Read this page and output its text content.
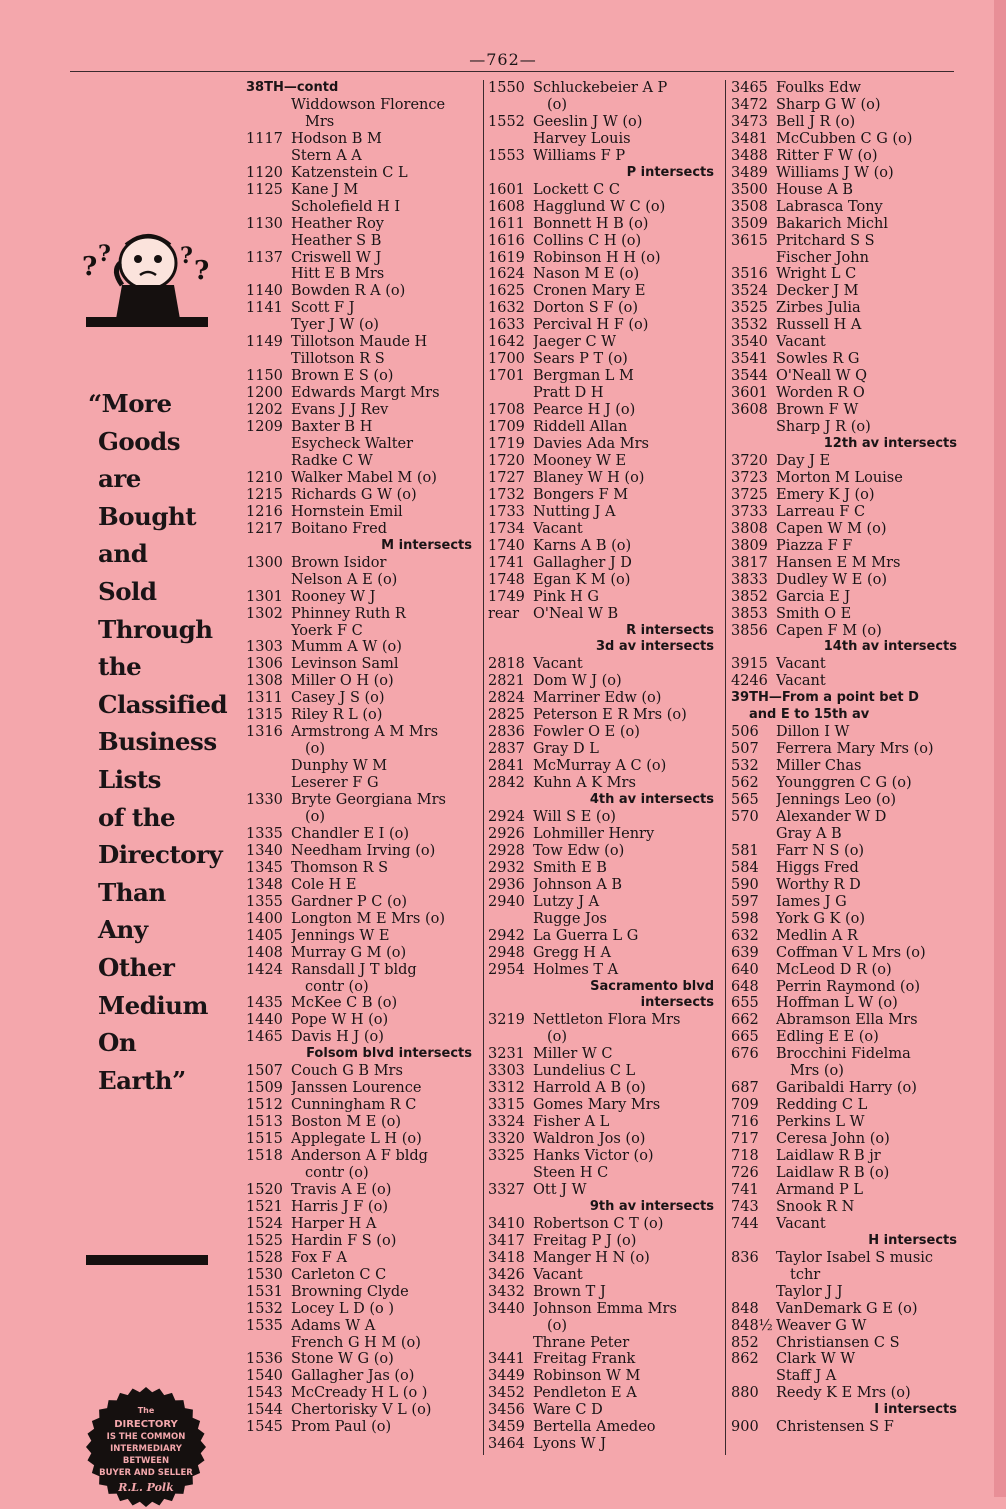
—762—
? ?	? ?
“More
Goods
are
Bought
and
Sold
Through
the
Classified
Business
Lists
of the
Directory
Than
Any
Other
Medium
On
Earth”
The
DIRECTORY
IS THE COMMON
INTERMEDIARY
BETWEEN
BUYER AND SELLER
R.L. Polk
38TH—contd
Widdowson Florence
Mrs
1117 Hodson B M
Stern A A
1120 Katzenstein C L
1125 Kane J M
Scholefield H I
1130 Heather Roy
Heather S B
1137 Criswell W J
Hitt E B Mrs
1140 Bowden R A (o)
1141 Scott F J
Tyer J W (o)
1149 Tillotson Maude H
Tillotson R S
1150 Brown E S (o)
1200 Edwards Margt Mrs
1202 Evans J J Rev
1209 Baxter B H
Esycheck Walter
Radke C W
1210 Walker Mabel M (o)
1215 Richards G W (o)
1216 Hornstein Emil
1217 Boitano Fred
M intersects
1300 Brown Isidor
Nelson A E (o)
1301 Rooney W J
1302 Phinney Ruth R
Yoerk F C
1303 Mumm A W (o)
1306 Levinson Saml
1308 Miller O H (o)
1311 Casey J S (o)
1315 Riley R L (o)
1316 Armstrong A M Mrs
(o)
Dunphy W M
Leserer F G
1330 Bryte Georgiana Mrs
(o)
1335 Chandler E I (o)
1340 Needham Irving (o)
1345 Thomson R S
1348 Cole H E
1355 Gardner P C (o)
1400 Longton M E Mrs (o)
1405 Jennings W E
1408 Murray G M (o)
1424 Ransdall J T bldg
contr (o)
1435 McKee C B (o)
1440 Pope W H (o)
1465 Davis H J (o)
Folsom blvd intersects
1507 Couch G B Mrs
1509 Janssen Lourence
1512 Cunningham R C
1513 Boston M E (o)
1515 Applegate L H (o)
1518 Anderson A F bldg
contr (o)
1520 Travis A E (o)
1521 Harris J F (o)
1524 Harper H A
1525 Hardin F S (o)
1528 Fox F A
1530 Carleton C C
1531 Browning Clyde
1532 Locey L D (o )
1535 Adams W A
French G H M (o)
1536 Stone W G (o)
1540 Gallagher Jas (o)
1543 McCready H L (o )
1544 Chertorisky V L (o)
1545 Prom Paul (o)
1550 Schluckebeier A P
(o)
1552 Geeslin J W (o)
Harvey Louis
1553 Williams F P
P intersects
1601 Lockett C C
1608 Hagglund W C (o)
1611 Bonnett H B (o)
1616 Collins C H (o)
1619 Robinson H H (o)
1624 Nason M E (o)
1625 Cronen Mary E
1632 Dorton S F (o)
1633 Percival H F (o)
1642 Jaeger C W
1700 Sears P T (o)
1701 Bergman L M
Pratt D H
1708 Pearce H J (o)
1709 Riddell Allan
1719 Davies Ada Mrs
1720 Mooney W E
1727 Blaney W H (o)
1732 Bongers F M
1733 Nutting J A
1734 Vacant
1740 Karns A B (o)
1741 Gallagher J D
1748 Egan K M (o)
1749 Pink H G
rear O'Neal W B
R intersects
3d av intersects
2818 Vacant
2821 Dom W J (o)
2824 Marriner Edw (o)
2825 Peterson E R Mrs (o)
2836 Fowler O E (o)
2837 Gray D L
2841 McMurray A C (o)
2842 Kuhn A K Mrs
4th av intersects
2924 Will S E (o)
2926 Lohmiller Henry
2928 Tow Edw (o)
2932 Smith E B
2936 Johnson A B
2940 Lutzy J A
Rugge Jos
2942 La Guerra L G
2948 Gregg H A
2954 Holmes T A
Sacramento blvd
intersects
3219 Nettleton Flora Mrs
(o)
3231 Miller W C
3303 Lundelius C L
3312 Harrold A B (o)
3315 Gomes Mary Mrs
3324 Fisher A L
3320 Waldron Jos (o)
3325 Hanks Victor (o)
Steen H C
3327 Ott J W
9th av intersects
3410 Robertson C T (o)
3417 Freitag P J (o)
3418 Manger H N (o)
3426 Vacant
3432 Brown T J
3440 Johnson Emma Mrs
(o)
Thrane Peter
3441 Freitag Frank
3449 Robinson W M
3452 Pendleton E A
3456 Ware C D
3459 Bertella Amedeo
3464 Lyons W J
3465 Foulks Edw
3472 Sharp G W (o)
3473 Bell J R (o)
3481 McCubben C G (o)
3488 Ritter F W (o)
3489 Williams J W (o)
3500 House A B
3508 Labrasca Tony
3509 Bakarich Michl
3615 Pritchard S S
Fischer John
3516 Wright L C
3524 Decker J M
3525 Zirbes Julia
3532 Russell H A
3540 Vacant
3541 Sowles R G
3544 O'Neall W Q
3601 Worden R O
3608 Brown F W
Sharp J R (o)
12th av intersects
3720 Day J E
3723 Morton M Louise
3725 Emery K J (o)
3733 Larreau F C
3808 Capen W M (o)
3809 Piazza F F
3817 Hansen E M Mrs
3833 Dudley W E (o)
3852 Garcia E J
3853 Smith O E
3856 Capen F M (o)
14th av intersects
3915 Vacant
4246 Vacant
39TH—From a point bet D
and E to 15th av
506	Dillon I W
507	Ferrera Mary Mrs (o)
532	Miller Chas
562	Younggren C G (o)
565	Jennings Leo (o)
570	Alexander W D
Gray A B
581	Farr N S (o)
584	Higgs Fred
590	Worthy R D
597	Iames J G
598	York G K (o)
632	Medlin A R
639	Coffman V L Mrs (o)
640	McLeod D R (o)
648	Perrin Raymond (o)
655	Hoffman L W (o)
662	Abramson Ella Mrs
665	Edling E E (o)
676	Brocchini Fidelma
Mrs (o)
687	Garibaldi Harry (o)
709	Redding C L
716	Perkins L W
717	Ceresa John (o)
718	Laidlaw R B jr
726	Laidlaw R B (o)
741	Armand P L
743	Snook R N
744	Vacant
H intersects
836	Taylor Isabel S music
tchr
Taylor J J
848	VanDemark G E (o)
848½ Weaver G W
852	Christiansen C S
862	Clark W W
Staff J A
880	Reedy K E Mrs (o)
I intersects
900	Christensen S F
